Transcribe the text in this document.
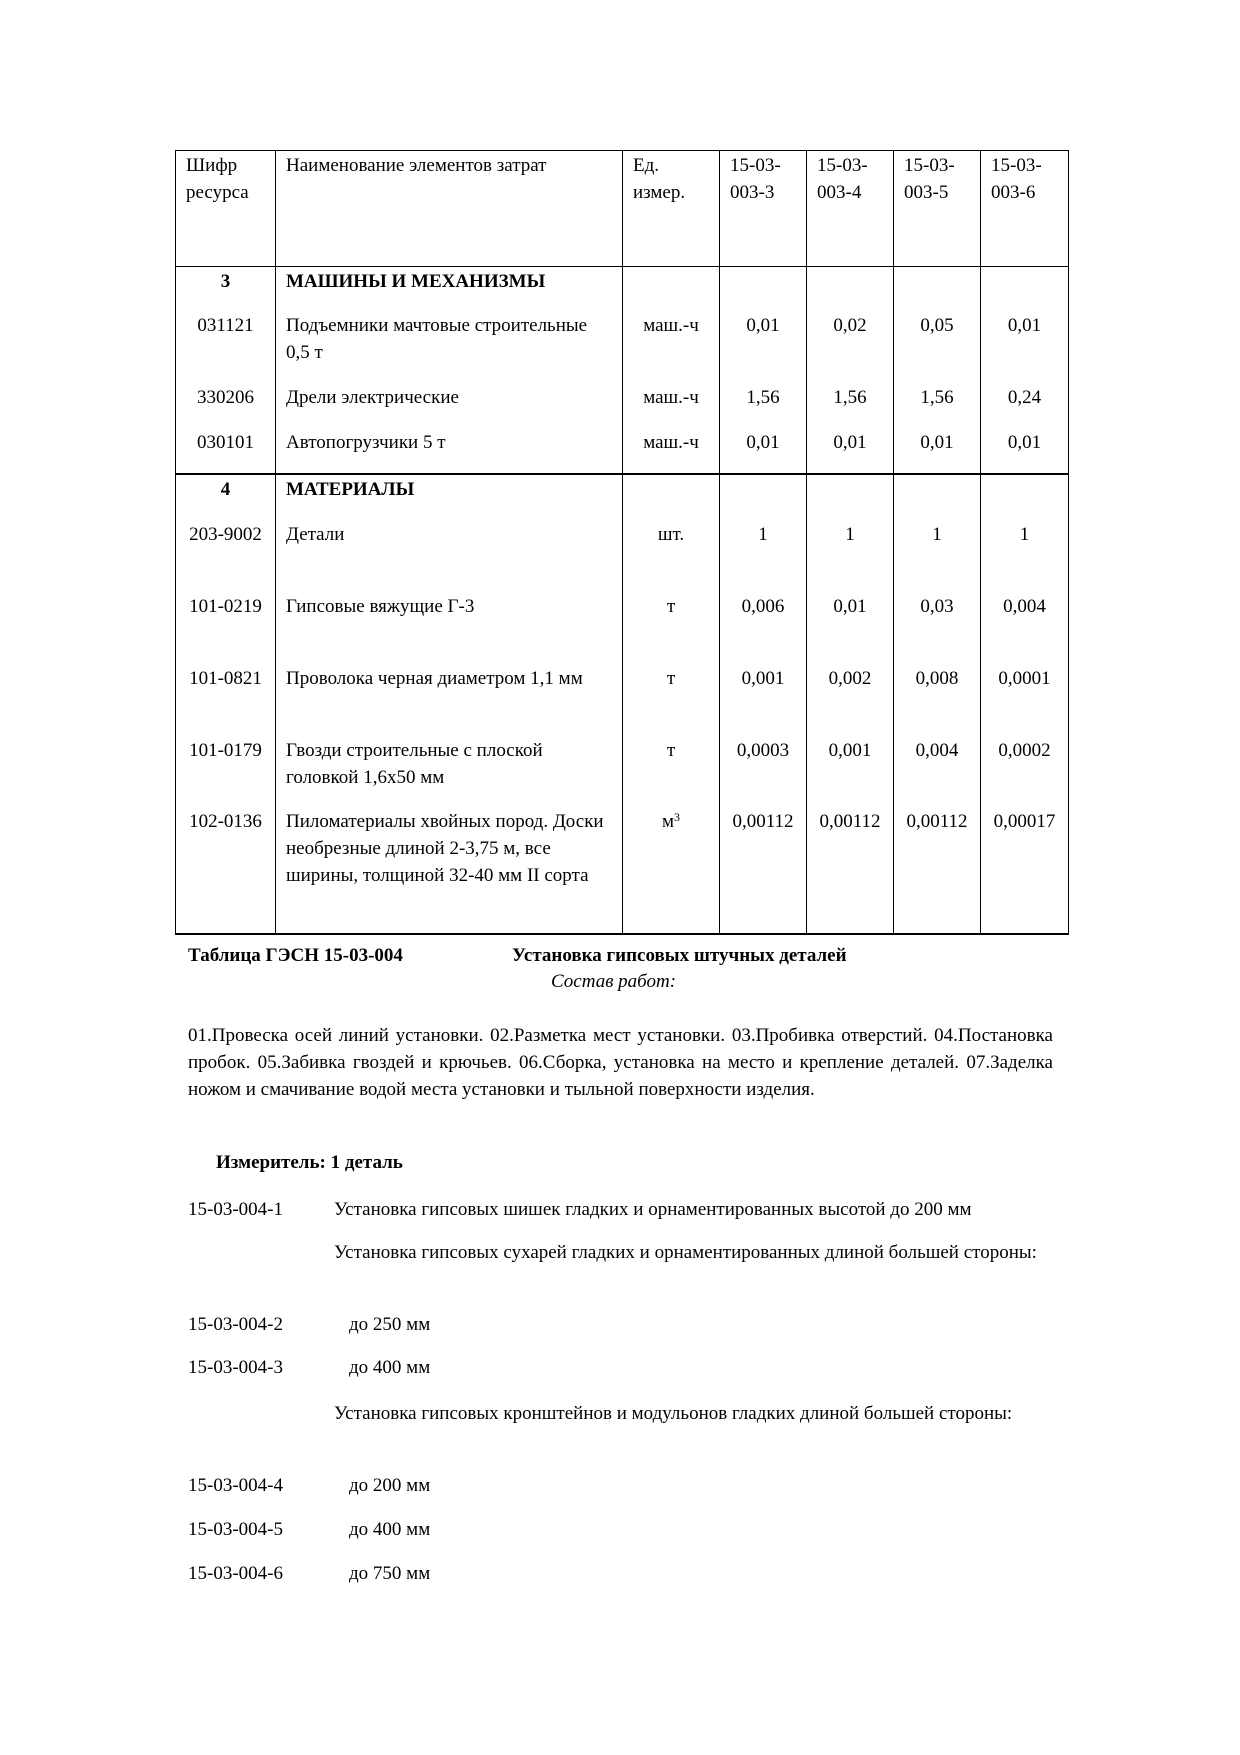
Шифр ресурса	Наименование элементов затрат	Ед. измер.	15-03-003-3	15-03-003-4	15-03-003-5	15-03-003-6
3	МАШИНЫ И МЕХАНИЗМЫ					
031121	Подъемники мачтовые строительные 0,5 т	маш.-ч	0,01	0,02	0,05	0,01
330206	Дрели электрические	маш.-ч	1,56	1,56	1,56	0,24
030101	Автопогрузчики 5 т	маш.-ч	0,01	0,01	0,01	0,01
4	МАТЕРИАЛЫ					
203-9002	Детали	шт.	1	1	1	1
101-0219	Гипсовые вяжущие Г-3	т	0,006	0,01	0,03	0,004
101-0821	Проволока черная диаметром 1,1 мм	т	0,001	0,002	0,008	0,0001
101-0179	Гвозди строительные с плоской головкой 1,6х50 мм	т	0,0003	0,001	0,004	0,0002
102-0136	Пиломатериалы хвойных пород. Доски необрезные длиной 2-3,75 м, все ширины, толщиной 32-40 мм II сорта	$м^3$	0,00112	0,00112	0,00112	0,00017
Таблица ГЭСН 15-03-004	Установка гипсовых штучных деталей
Состав работ:
01.Провеска осей линий установки. 02.Разметка мест установки. 03.Пробивка отверстий. 04.Постановка пробок. 05.Забивка гвоздей и крючьев. 06.Сборка, установка на место и крепление деталей. 07.Заделка ножом и смачивание водой места установки и тыльной поверхности изделия.
Измеритель: 1 деталь
15-03-004-1	Установка гипсовых шишек гладких и орнаментированных высотой до 200 мм
Установка гипсовых сухарей гладких и орнаментированных длиной большей стороны:
15-03-004-2	до 250 мм
15-03-004-3	до 400 мм
Установка гипсовых кронштейнов и модульонов гладких длиной большей стороны:
15-03-004-4	до 200 мм
15-03-004-5	до 400 мм
15-03-004-6	до 750 мм
